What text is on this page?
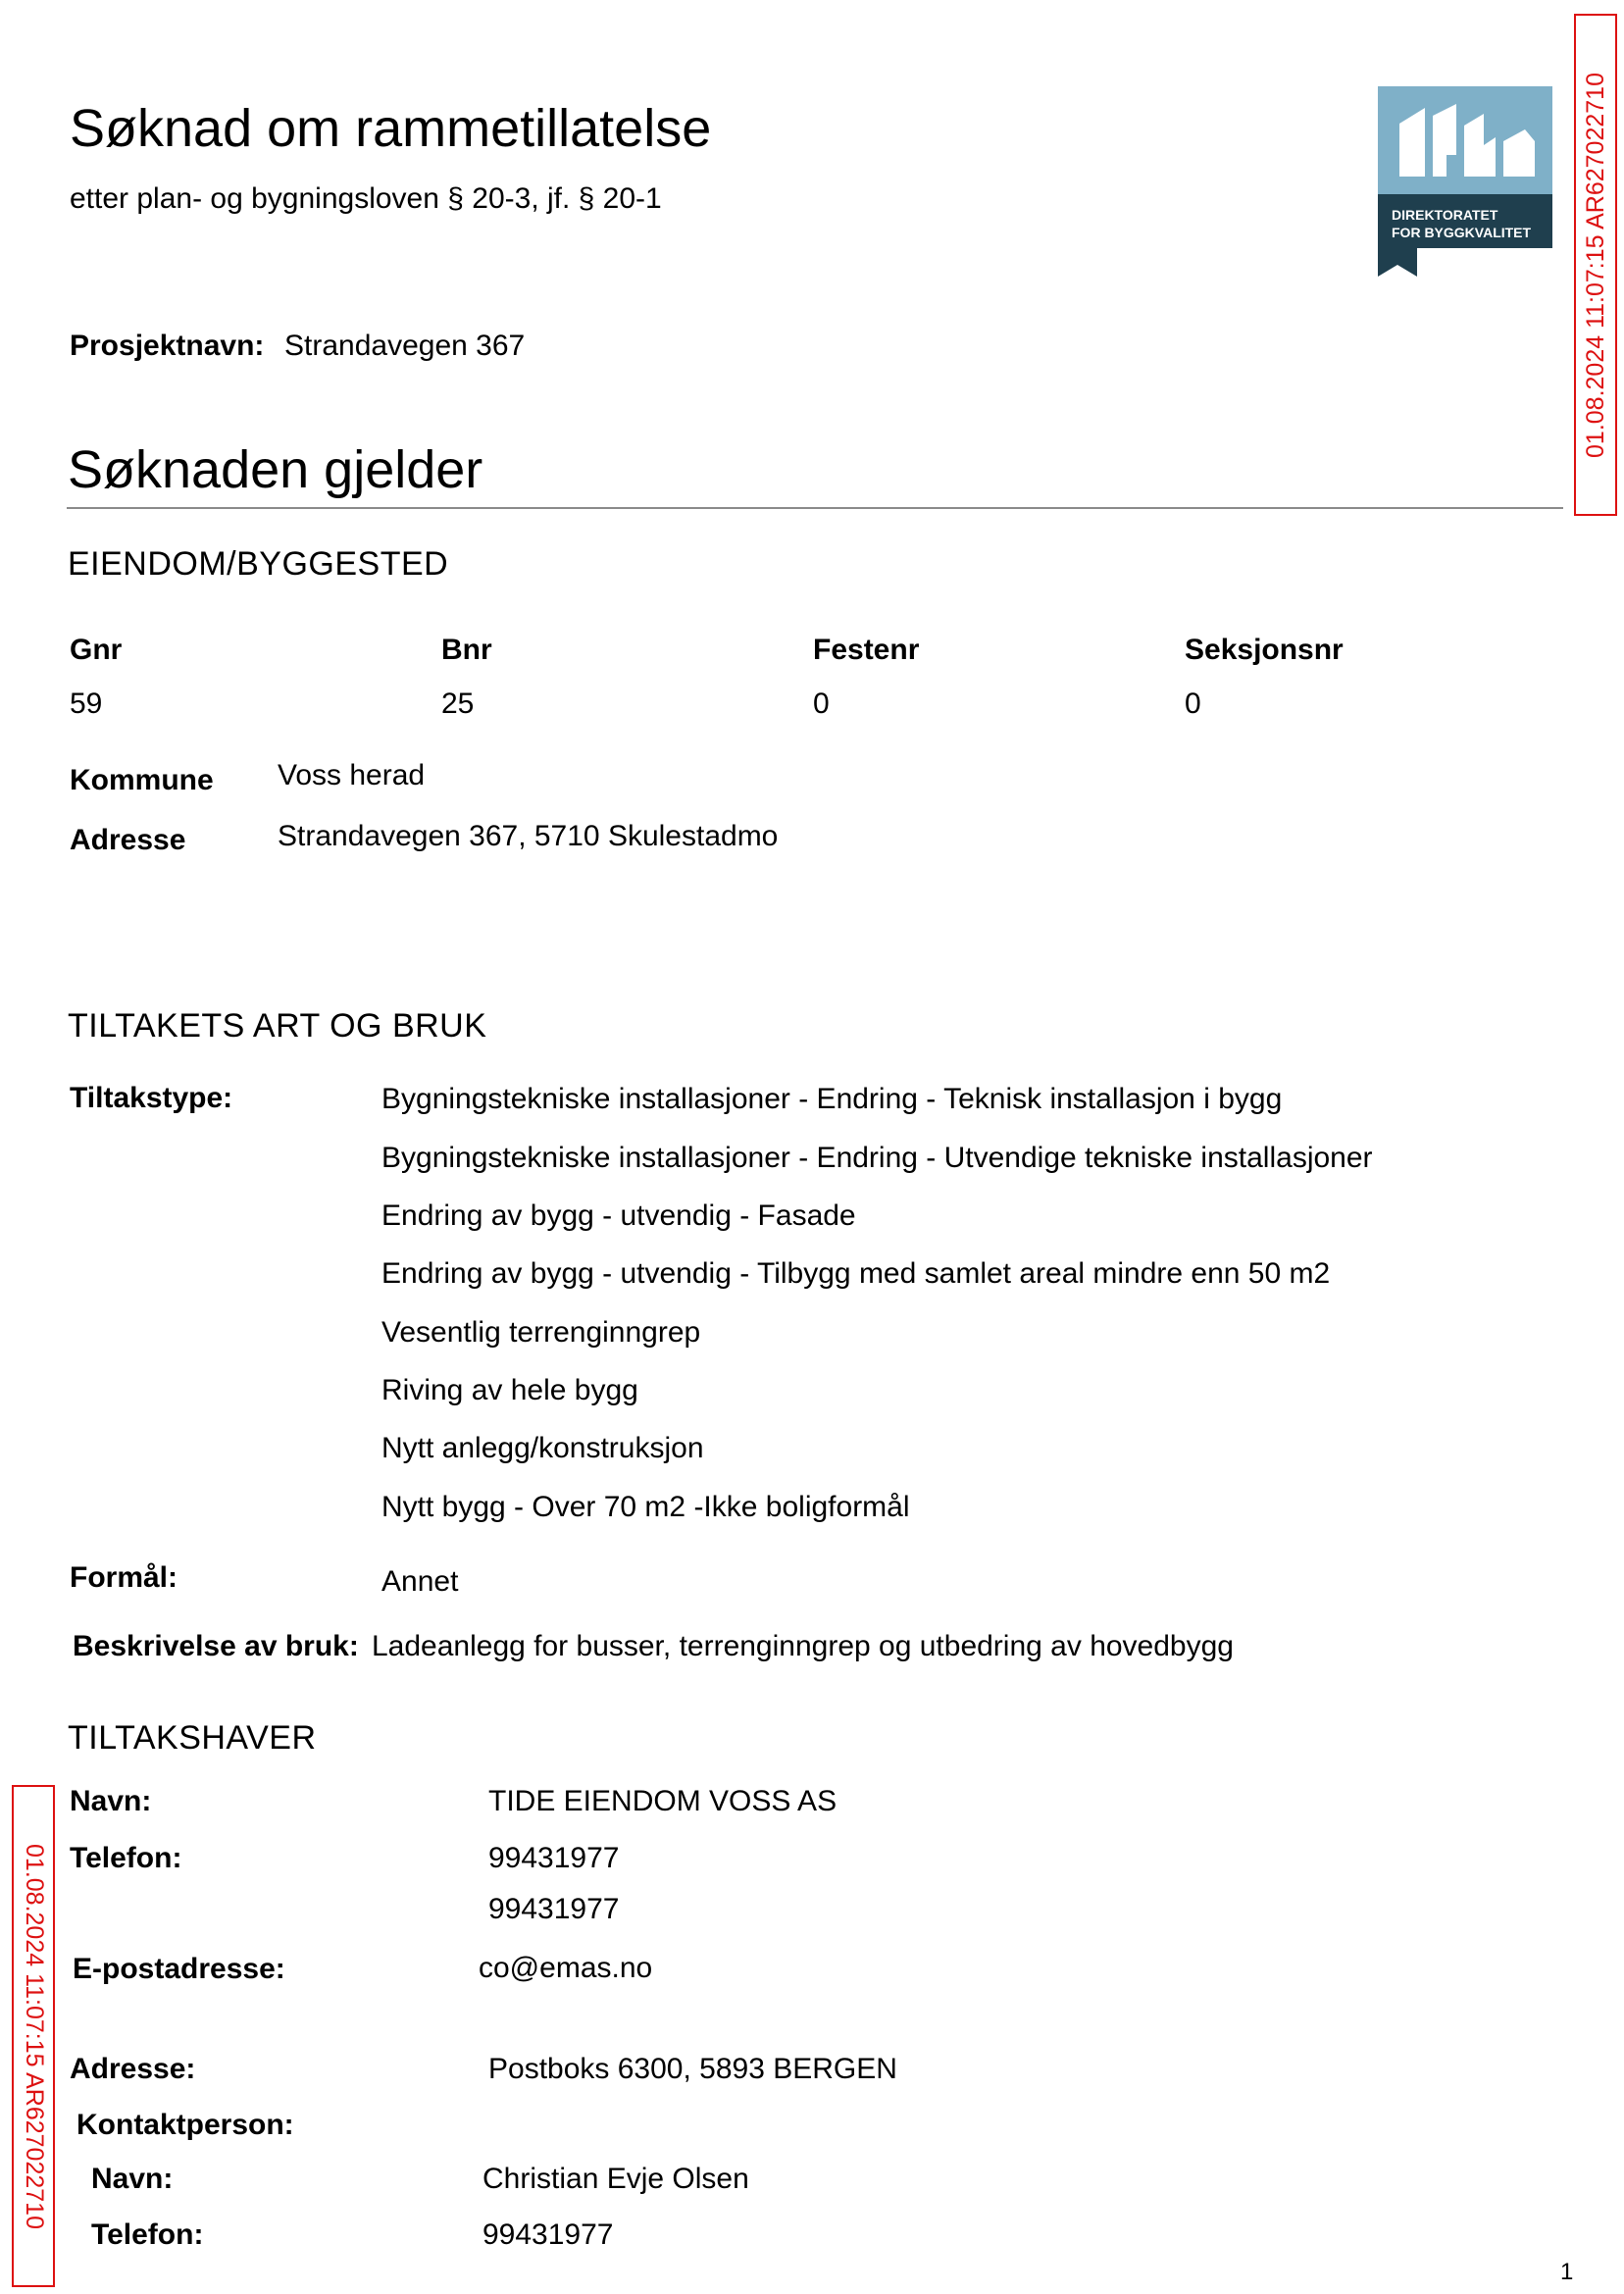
01.08.2024 11:07:15 AR627022710
01.08.2024 11:07:15 AR627022710
DIREKTORATET
FOR BYGGKVALITET
Søknad om rammetillatelse
etter plan- og bygningsloven § 20-3, jf. § 20-1
Prosjektnavn: Strandavegen 367
Søknaden gjelder
EIENDOM/BYGGESTED
Gnr	Bnr	Festenr	Seksjonsnr
59	25	0	0
Kommune Voss herad
Adresse	Strandavegen 367, 5710 Skulestadmo
TILTAKETS ART OG BRUK
Tiltakstype:	Bygningstekniske installasjoner - Endring - Teknisk installasjon i bygg
Bygningstekniske installasjoner - Endring - Utvendige tekniske installasjoner
Endring av bygg - utvendig - Fasade
Endring av bygg - utvendig - Tilbygg med samlet areal mindre enn 50 m2
Vesentlig terrenginngrep
Riving av hele bygg
Nytt anlegg/konstruksjon
Nytt bygg - Over 70 m2 -Ikke boligformål
Formål:	Annet
Beskrivelse av bruk: Ladeanlegg for busser, terrenginngrep og utbedring av hovedbygg
TILTAKSHAVER
Navn:	TIDE EIENDOM VOSS AS
Telefon:	99431977
99431977
E-postadresse:	co@emas.no
Adresse:	Postboks 6300, 5893 BERGEN
Kontaktperson:
Navn:	Christian Evje Olsen
Telefon:	99431977
1
